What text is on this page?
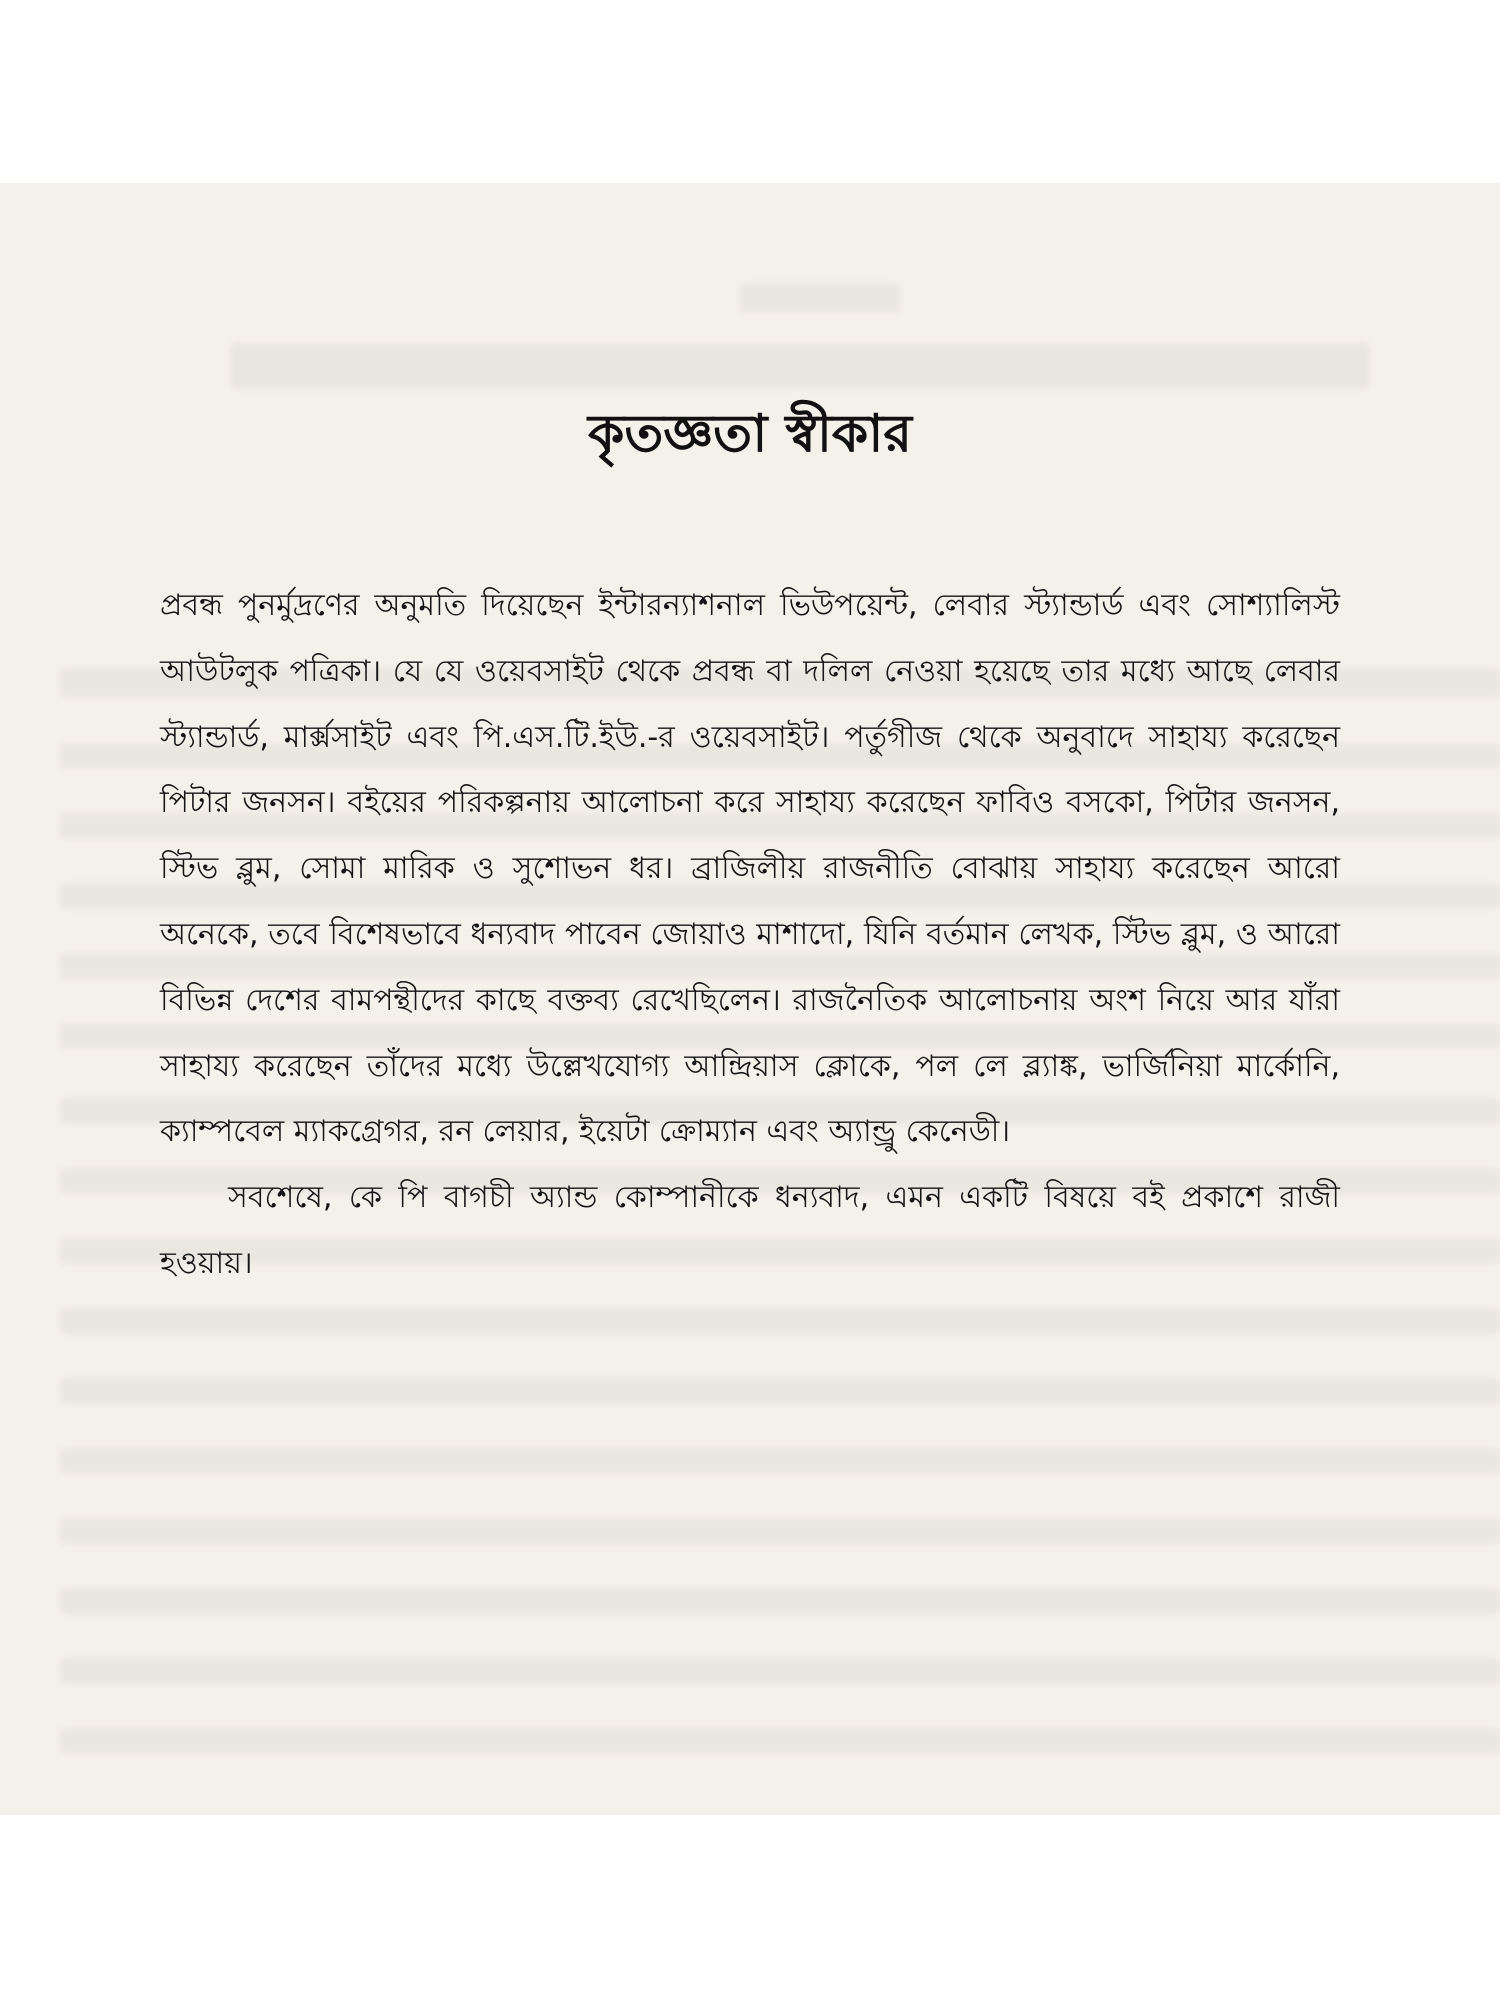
কৃতজ্ঞতা স্বীকার

প্রবন্ধ পুনর্মুদ্রণের অনুমতি দিয়েছেন ইন্টারন্যাশনাল ভিউপয়েন্ট, লেবার স্ট্যান্ডার্ড এবং সোশ্যালিস্ট আউটলুক পত্রিকা। যে যে ওয়েবসাইট থেকে প্রবন্ধ বা দলিল নেওয়া হয়েছে তার মধ্যে আছে লেবার স্ট্যান্ডার্ড, মার্ক্সসাইট এবং পি.এস.টি.ইউ.-র ওয়েবসাইট। পর্তুগীজ থেকে অনুবাদে সাহায্য করেছেন পিটার জনসন। বইয়ের পরিকল্পনায় আলোচনা করে সাহায্য করেছেন ফাবিও বসকো, পিটার জনসন, স্টিভ ব্লুম, সোমা মারিক ও সুশোভন ধর। ব্রাজিলীয় রাজনীতি বোঝায় সাহায্য করেছেন আরো অনেকে, তবে বিশেষভাবে ধন্যবাদ পাবেন জোয়াও মাশাদো, যিনি বর্তমান লেখক, স্টিভ ব্লুম, ও আরো বিভিন্ন দেশের বামপন্থীদের কাছে বক্তব্য রেখেছিলেন। রাজনৈতিক আলোচনায় অংশ নিয়ে আর যাঁরা সাহায্য করেছেন তাঁদের মধ্যে উল্লেখযোগ্য আন্দ্রিয়াস ক্লোকে, পল লে ব্ল্যাঙ্ক, ভার্জিনিয়া মার্কোনি, ক্যাম্পবেল ম্যাকগ্রেগর, রন লেয়ার, ইয়েটা ক্রোম্যান এবং অ্যান্ড্রু কেনেডী।

সবশেষে, কে পি বাগচী অ্যান্ড কোম্পানীকে ধন্যবাদ, এমন একটি বিষয়ে বই প্রকাশে রাজী হওয়ায়।
